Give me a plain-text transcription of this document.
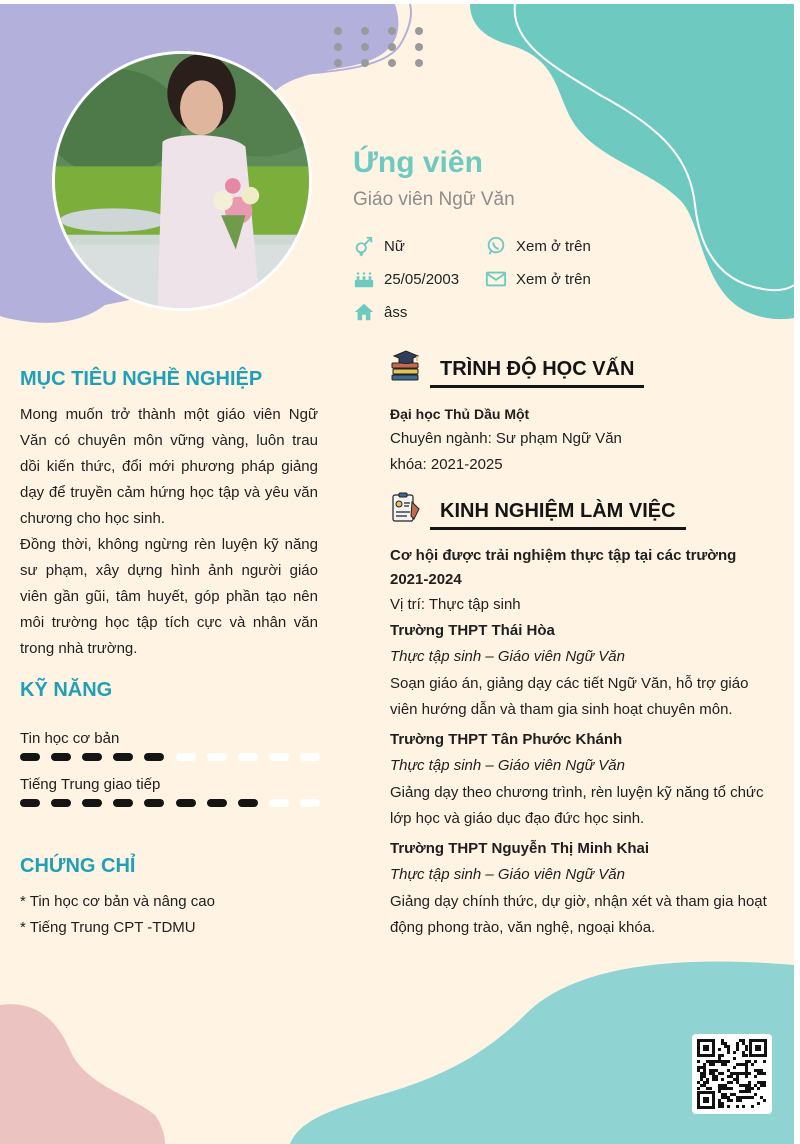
Ứng viên

Giáo viên Ngữ Văn

Nữ
25/05/2003
âss
Xem ở trên
Xem ở trên
MỤC TIÊU NGHỀ NGHIỆP

Mong muốn trở thành một giáo viên Ngữ Văn có chuyên môn vững vàng, luôn trau dồi kiến thức, đổi mới phương pháp giảng dạy để truyền cảm hứng học tập và yêu văn chương cho học sinh.

Đồng thời, không ngừng rèn luyện kỹ năng sư phạm, xây dựng hình ảnh người giáo viên gần gũi, tâm huyết, góp phần tạo nên môi trường học tập tích cực và nhân văn trong nhà trường.

KỸ NĂNG
Tin học cơ bản
Tiếng Trung giao tiếp
CHỨNG CHỈ
* Tin học cơ bản và nâng cao
* Tiếng Trung CPT -TDMU
TRÌNH ĐỘ HỌC VẤN

Đại học Thủ Dầu Một

Chuyên ngành: Sư phạm Ngữ Văn

khóa: 2021-2025

KINH NGHIỆM LÀM VIỆC

Cơ hội được trải nghiệm thực tập tại các trường

2021-2024

Vị trí: Thực tập sinh

Trường THPT Thái Hòa

Thực tập sinh – Giáo viên Ngữ Văn

Soạn giáo án, giảng dạy các tiết Ngữ Văn, hỗ trợ giáo viên hướng dẫn và tham gia sinh hoạt chuyên môn.

Trường THPT Tân Phước Khánh

Thực tập sinh – Giáo viên Ngữ Văn

Giảng dạy theo chương trình, rèn luyện kỹ năng tổ chức lớp học và giáo dục đạo đức học sinh.

Trường THPT Nguyễn Thị Minh Khai

Thực tập sinh – Giáo viên Ngữ Văn

Giảng dạy chính thức, dự giờ, nhận xét và tham gia hoạt động phong trào, văn nghệ, ngoại khóa.
